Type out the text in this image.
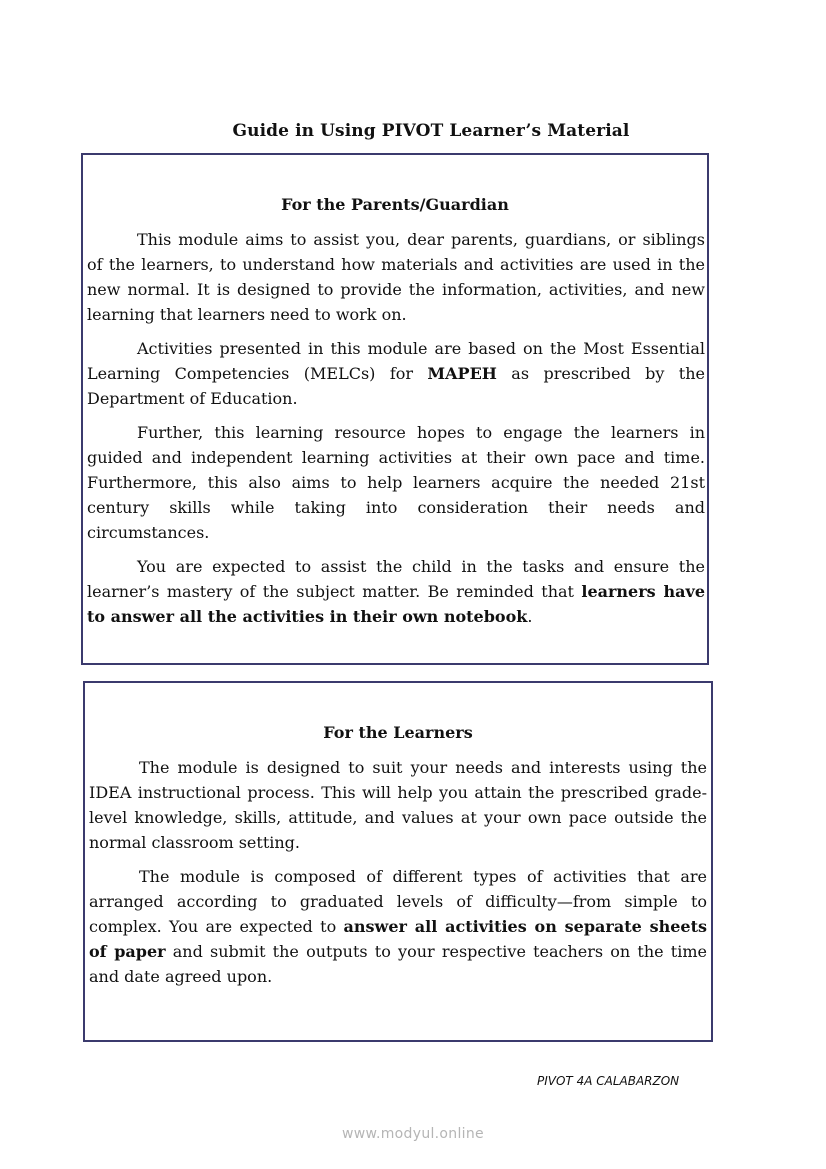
Guide in Using PIVOT Learner’s Material
For the Parents/Guardian

This module aims to assist you, dear parents, guardians, or siblings of the learners, to understand how materials and activities are used in the new normal. It is designed to provide the information, activities, and new learning that learners need to work on.

Activities presented in this module are based on the Most Essential Learning Competencies (MELCs) for MAPEH as prescribed by the Department of Education.

Further, this learning resource hopes to engage the learners in guided and independent learning activities at their own pace and time. Furthermore, this also aims to help learners acquire the needed 21st century skills while taking into consideration their needs and circumstances.

You are expected to assist the child in the tasks and ensure the learner’s mastery of the subject matter. Be reminded that learners have to answer all the activities in their own notebook.

For the Learners

The module is designed to suit your needs and interests using the IDEA instructional process. This will help you attain the prescribed grade-level knowledge, skills, attitude, and values at your own pace outside the normal classroom setting.

The module is composed of different types of activities that are arranged according to graduated levels of difficulty—from simple to complex. You are expected to answer all activities on separate sheets of paper and submit the outputs to your respective teachers on the time and date agreed upon.

PIVOT 4A CALABARZON
www.modyul.online
